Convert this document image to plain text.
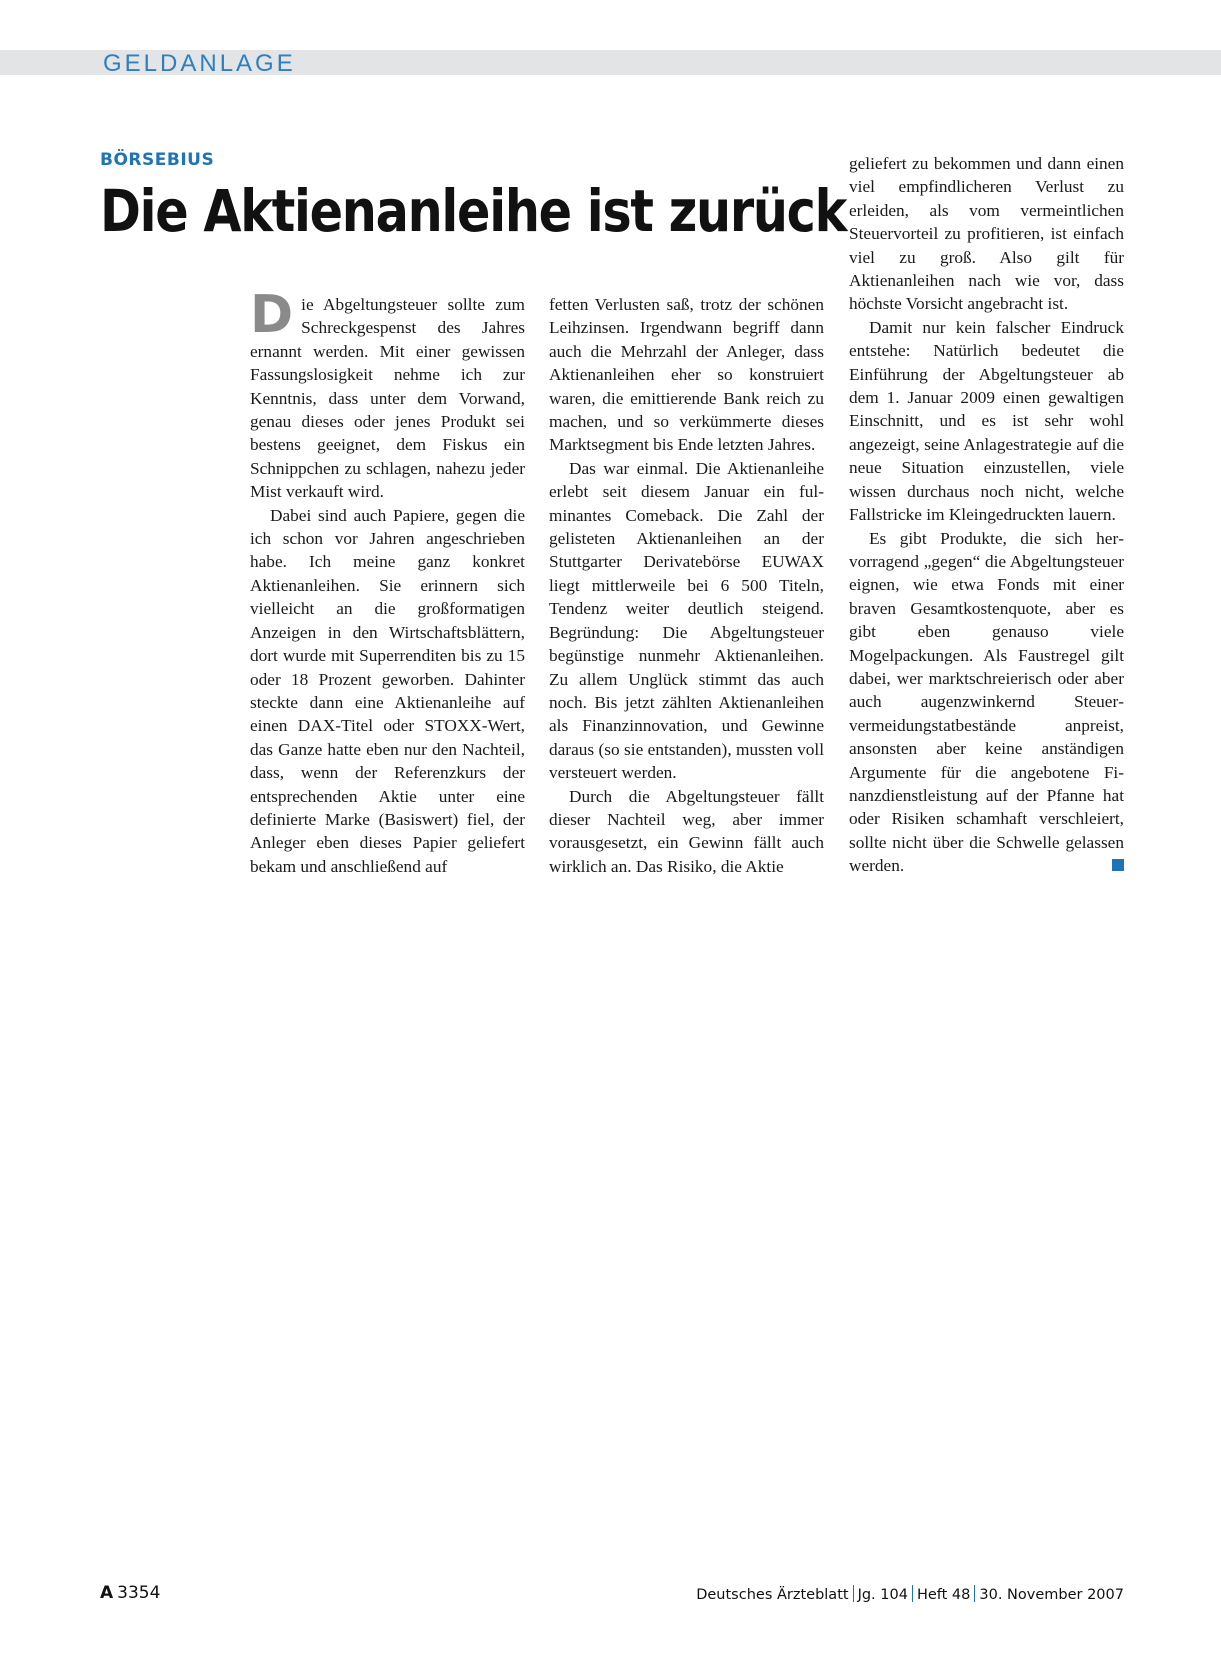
GELDANLAGE
BÖRSEBIUS
Die Aktienanleihe ist zurück

Die Abgeltungsteuer sollte zum Schreckgespenst des Jahres ernannt werden. Mit einer gewissen Fassungslosigkeit nehme ich zur Kenntnis, dass unter dem Vorwand, genau dieses oder jenes Produkt sei bestens geeignet, dem Fiskus ein Schnippchen zu schlagen, nahezu jeder Mist verkauft wird.

Dabei sind auch Papiere, gegen die ich schon vor Jahren angeschrieben habe. Ich meine ganz konkret Aktienanleihen. Sie erinnern sich vielleicht an die großformatigen Anzeigen in den Wirtschaftsblättern, dort wurde mit Superrenditen bis zu 15 oder 18 Prozent geworben. Dahinter steckte dann eine Aktienanleihe auf einen DAX-Titel oder STOXX-Wert, das Ganze hatte eben nur den Nachteil, dass, wenn der Referenzkurs der entsprechenden Aktie unter eine definierte Marke (Basiswert) fiel, der Anleger eben dieses Papier geliefert bekam und anschließend auf

fetten Verlusten saß, trotz der schönen Leihzinsen. Irgendwann begriff dann auch die Mehrzahl der Anleger, dass Aktienanleihen eher so konstruiert waren, die emittierende Bank reich zu machen, und so verkümmerte dieses Marktsegment bis Ende letzten Jahres.

Das war einmal. Die Aktienanleihe erlebt seit diesem Januar ein fulminantes Comeback. Die Zahl der gelisteten Aktienanleihen an der Stuttgarter Derivatebörse EUWAX liegt mittlerweile bei 6 500 Titeln, Tendenz weiter deutlich steigend. Begründung: Die Abgeltungsteuer begünstige nunmehr Aktienanleihen. Zu allem Unglück stimmt das auch noch. Bis jetzt zählten Aktienanleihen als Finanzinnovation, und Gewinne daraus (so sie entstanden), mussten voll versteuert werden.

Durch die Abgeltungsteuer fällt dieser Nachteil weg, aber immer vorausgesetzt, ein Gewinn fällt auch wirklich an. Das Risiko, die Aktie

geliefert zu bekommen und dann einen viel empfindlicheren Verlust zu erleiden, als vom vermeintlichen Steuervorteil zu profitieren, ist einfach viel zu groß. Also gilt für Aktienanleihen nach wie vor, dass höchste Vorsicht angebracht ist.

Damit nur kein falscher Eindruck entstehe: Natürlich bedeutet die Einführung der Abgeltungsteuer ab dem 1. Januar 2009 einen gewaltigen Einschnitt, und es ist sehr wohl angezeigt, seine Anlagestrategie auf die neue Situation einzustellen, viele wissen durchaus noch nicht, welche Fallstricke im Kleingedruckten lauern.

Es gibt Produkte, die sich hervorragend „gegen“ die Abgeltungsteuer eignen, wie etwa Fonds mit einer braven Gesamtkostenquote, aber es gibt eben genauso viele Mogelpackungen. Als Faustregel gilt dabei, wer marktschreierisch oder aber auch augenzwinkernd Steuervermeidungstatbestände anpreist, ansonsten aber keine anständigen Argumente für die angebotene Finanzdienstleistung auf der Pfanne hat oder Risiken schamhaft verschleiert, sollte nicht über die Schwelle gelassen werden.

A 3354	Deutsches Ärzteblatt Jg. 104 Heft 48 30. November 2007
